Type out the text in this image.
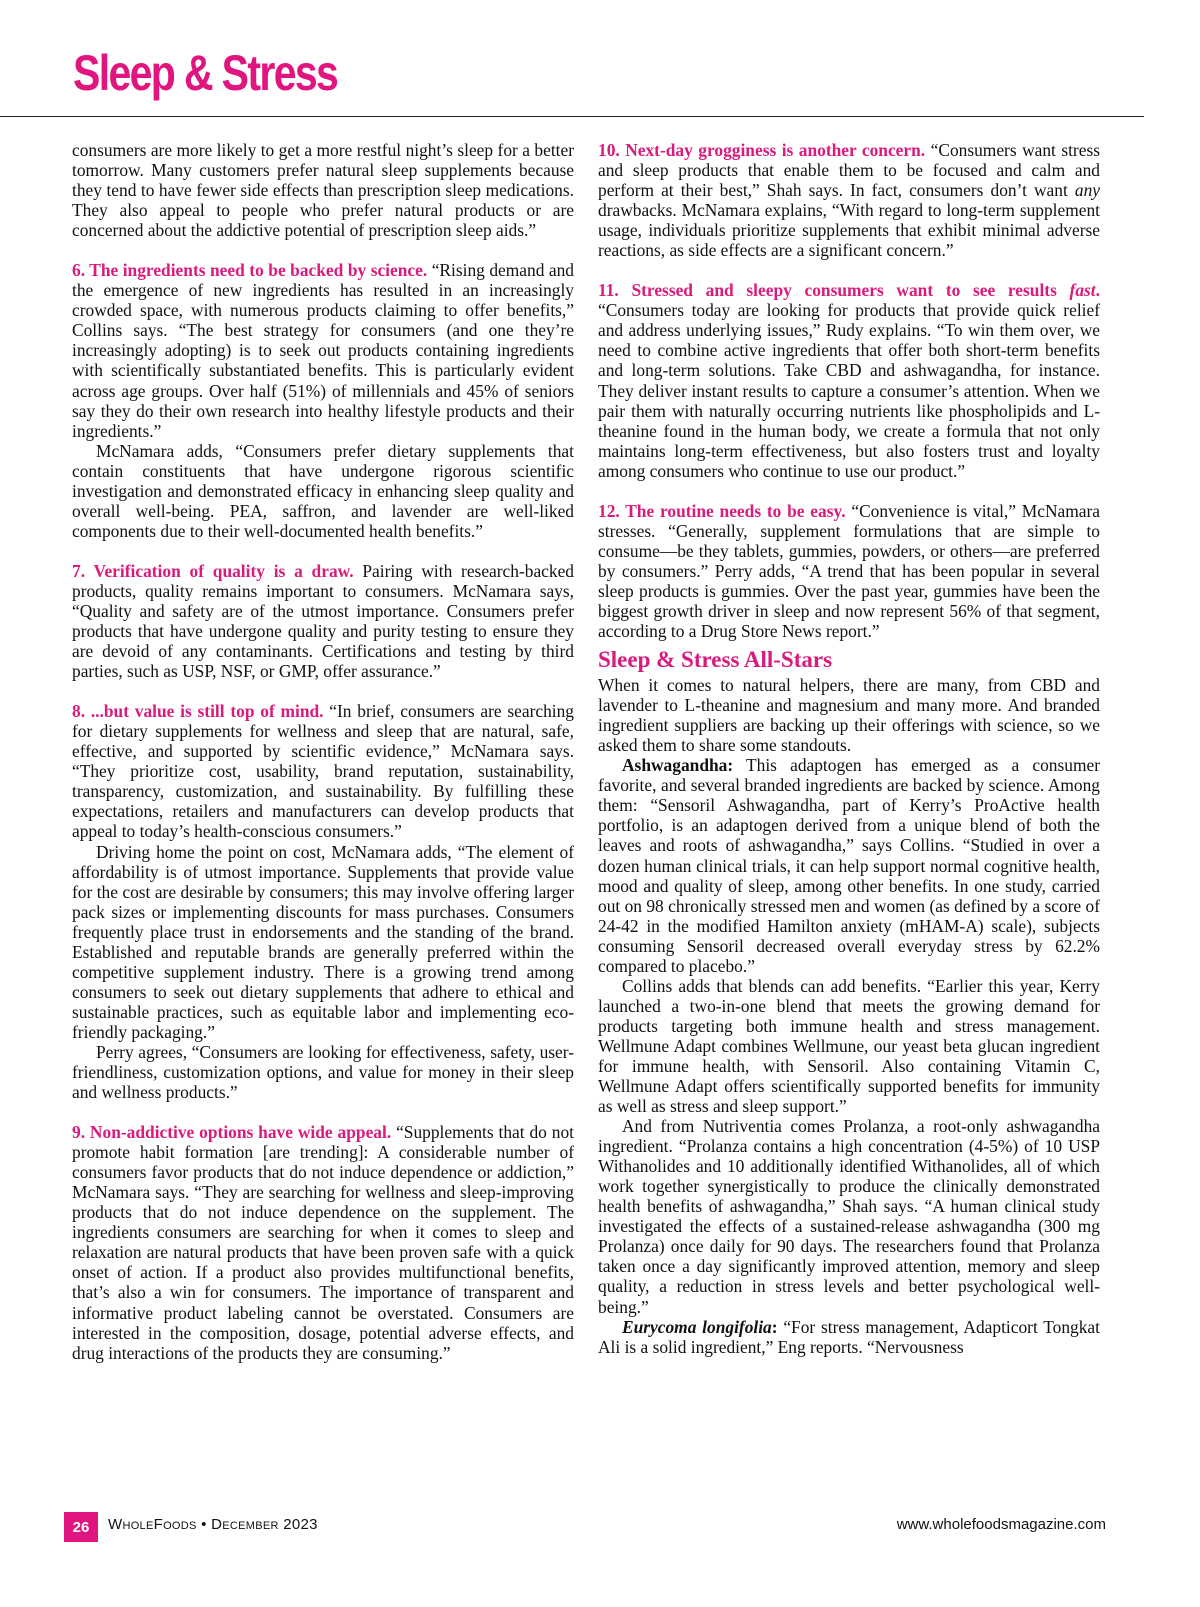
Sleep & Stress

consumers are more likely to get a more restful night’s sleep for a better tomorrow. Many customers prefer natural sleep supplements because they tend to have fewer side effects than prescription sleep medications. They also appeal to people who prefer natural products or are concerned about the addictive potential of prescription sleep aids.”

6. The ingredients need to be backed by science. “Rising demand and the emergence of new ingredients has resulted in an increasingly crowded space, with numerous products claiming to offer benefits,” Collins says. “The best strategy for consumers (and one they’re increasingly adopting) is to seek out products containing ingredients with scientifically substantiated benefits. This is particularly evident across age groups. Over half (51%) of millennials and 45% of seniors say they do their own research into healthy lifestyle products and their ingredients.”

McNamara adds, “Consumers prefer dietary supplements that contain constituents that have undergone rigorous scientific investigation and demonstrated efficacy in enhancing sleep quality and overall well-being. PEA, saffron, and lavender are well-liked components due to their well-documented health benefits.”

7. Verification of quality is a draw. Pairing with research-backed products, quality remains important to consumers. McNamara says, “Quality and safety are of the utmost importance. Consumers prefer products that have undergone quality and purity testing to ensure they are devoid of any contaminants. Certifications and testing by third parties, such as USP, NSF, or GMP, offer assurance.”

8. ...but value is still top of mind. “In brief, consumers are searching for dietary supplements for wellness and sleep that are natural, safe, effective, and supported by scientific evidence,” McNamara says. “They prioritize cost, usability, brand reputation, sustainability, transparency, customization, and sustainability. By fulfilling these expectations, retailers and manufacturers can develop products that appeal to today’s health-conscious consumers.”

Driving home the point on cost, McNamara adds, “The element of affordability is of utmost importance. Supplements that provide value for the cost are desirable by consumers; this may involve offering larger pack sizes or implementing discounts for mass purchases. Consumers frequently place trust in endorsements and the standing of the brand. Established and reputable brands are generally preferred within the competitive supplement industry. There is a growing trend among consumers to seek out dietary supplements that adhere to ethical and sustainable practices, such as equitable labor and implementing eco-friendly packaging.”

Perry agrees, “Consumers are looking for effectiveness, safety, user-friendliness, customization options, and value for money in their sleep and wellness products.”

9. Non-addictive options have wide appeal. “Supplements that do not promote habit formation [are trending]: A considerable number of consumers favor products that do not induce dependence or addiction,” McNamara says. “They are searching for wellness and sleep-improving products that do not induce dependence on the supplement. The ingredients consumers are searching for when it comes to sleep and relaxation are natural products that have been proven safe with a quick onset of action. If a product also provides multifunctional benefits, that’s also a win for consumers. The importance of transparent and informative product labeling cannot be overstated. Consumers are interested in the composition, dosage, potential adverse effects, and drug interactions of the products they are consuming.”

10. Next-day grogginess is another concern. “Consumers want stress and sleep products that enable them to be focused and calm and perform at their best,” Shah says. In fact, consumers don’t want any drawbacks. McNamara explains, “With regard to long-term supplement usage, individuals prioritize supplements that exhibit minimal adverse reactions, as side effects are a significant concern.”

11. Stressed and sleepy consumers want to see results fast. “Consumers today are looking for products that provide quick relief and address underlying issues,” Rudy explains. “To win them over, we need to combine active ingredients that offer both short-term benefits and long-term solutions. Take CBD and ashwagandha, for instance. They deliver instant results to capture a consumer’s attention. When we pair them with naturally occurring nutrients like phospholipids and L-theanine found in the human body, we create a formula that not only maintains long-term effectiveness, but also fosters trust and loyalty among consumers who continue to use our product.”

12. The routine needs to be easy. “Convenience is vital,” McNamara stresses. “Generally, supplement formulations that are simple to consume—be they tablets, gummies, powders, or others—are preferred by consumers.” Perry adds, “A trend that has been popular in several sleep products is gummies. Over the past year, gummies have been the biggest growth driver in sleep and now represent 56% of that segment, according to a Drug Store News report.”

Sleep & Stress All-Stars

When it comes to natural helpers, there are many, from CBD and lavender to L-theanine and magnesium and many more. And branded ingredient suppliers are backing up their offerings with science, so we asked them to share some standouts.

Ashwagandha: This adaptogen has emerged as a consumer favorite, and several branded ingredients are backed by science. Among them: “Sensoril Ashwagandha, part of Kerry’s ProActive health portfolio, is an adaptogen derived from a unique blend of both the leaves and roots of ashwagandha,” says Collins. “Studied in over a dozen human clinical trials, it can help support normal cognitive health, mood and quality of sleep, among other benefits. In one study, carried out on 98 chronically stressed men and women (as defined by a score of 24-42 in the modified Hamilton anxiety (mHAM-A) scale), subjects consuming Sensoril decreased overall everyday stress by 62.2% compared to placebo.”

Collins adds that blends can add benefits. “Earlier this year, Kerry launched a two-in-one blend that meets the growing demand for products targeting both immune health and stress management. Wellmune Adapt combines Wellmune, our yeast beta glucan ingredient for immune health, with Sensoril. Also containing Vitamin C, Wellmune Adapt offers scientifically supported benefits for immunity as well as stress and sleep support.”

And from Nutriventia comes Prolanza, a root-only ashwagandha ingredient. “Prolanza contains a high concentration (4-5%) of 10 USP Withanolides and 10 additionally identified Withanolides, all of which work together synergistically to produce the clinically demonstrated health benefits of ashwagandha,” Shah says. “A human clinical study investigated the effects of a sustained-release ashwagandha (300 mg Prolanza) once daily for 90 days. The researchers found that Prolanza taken once a day significantly improved attention, memory and sleep quality, a reduction in stress levels and better psychological well-being.”

Eurycoma longifolia: “For stress management, Adapticort Tongkat Ali is a solid ingredient,” Eng reports. “Nervousness

26	WholeFoods • December 2023	www.wholefoodsmagazine.com
